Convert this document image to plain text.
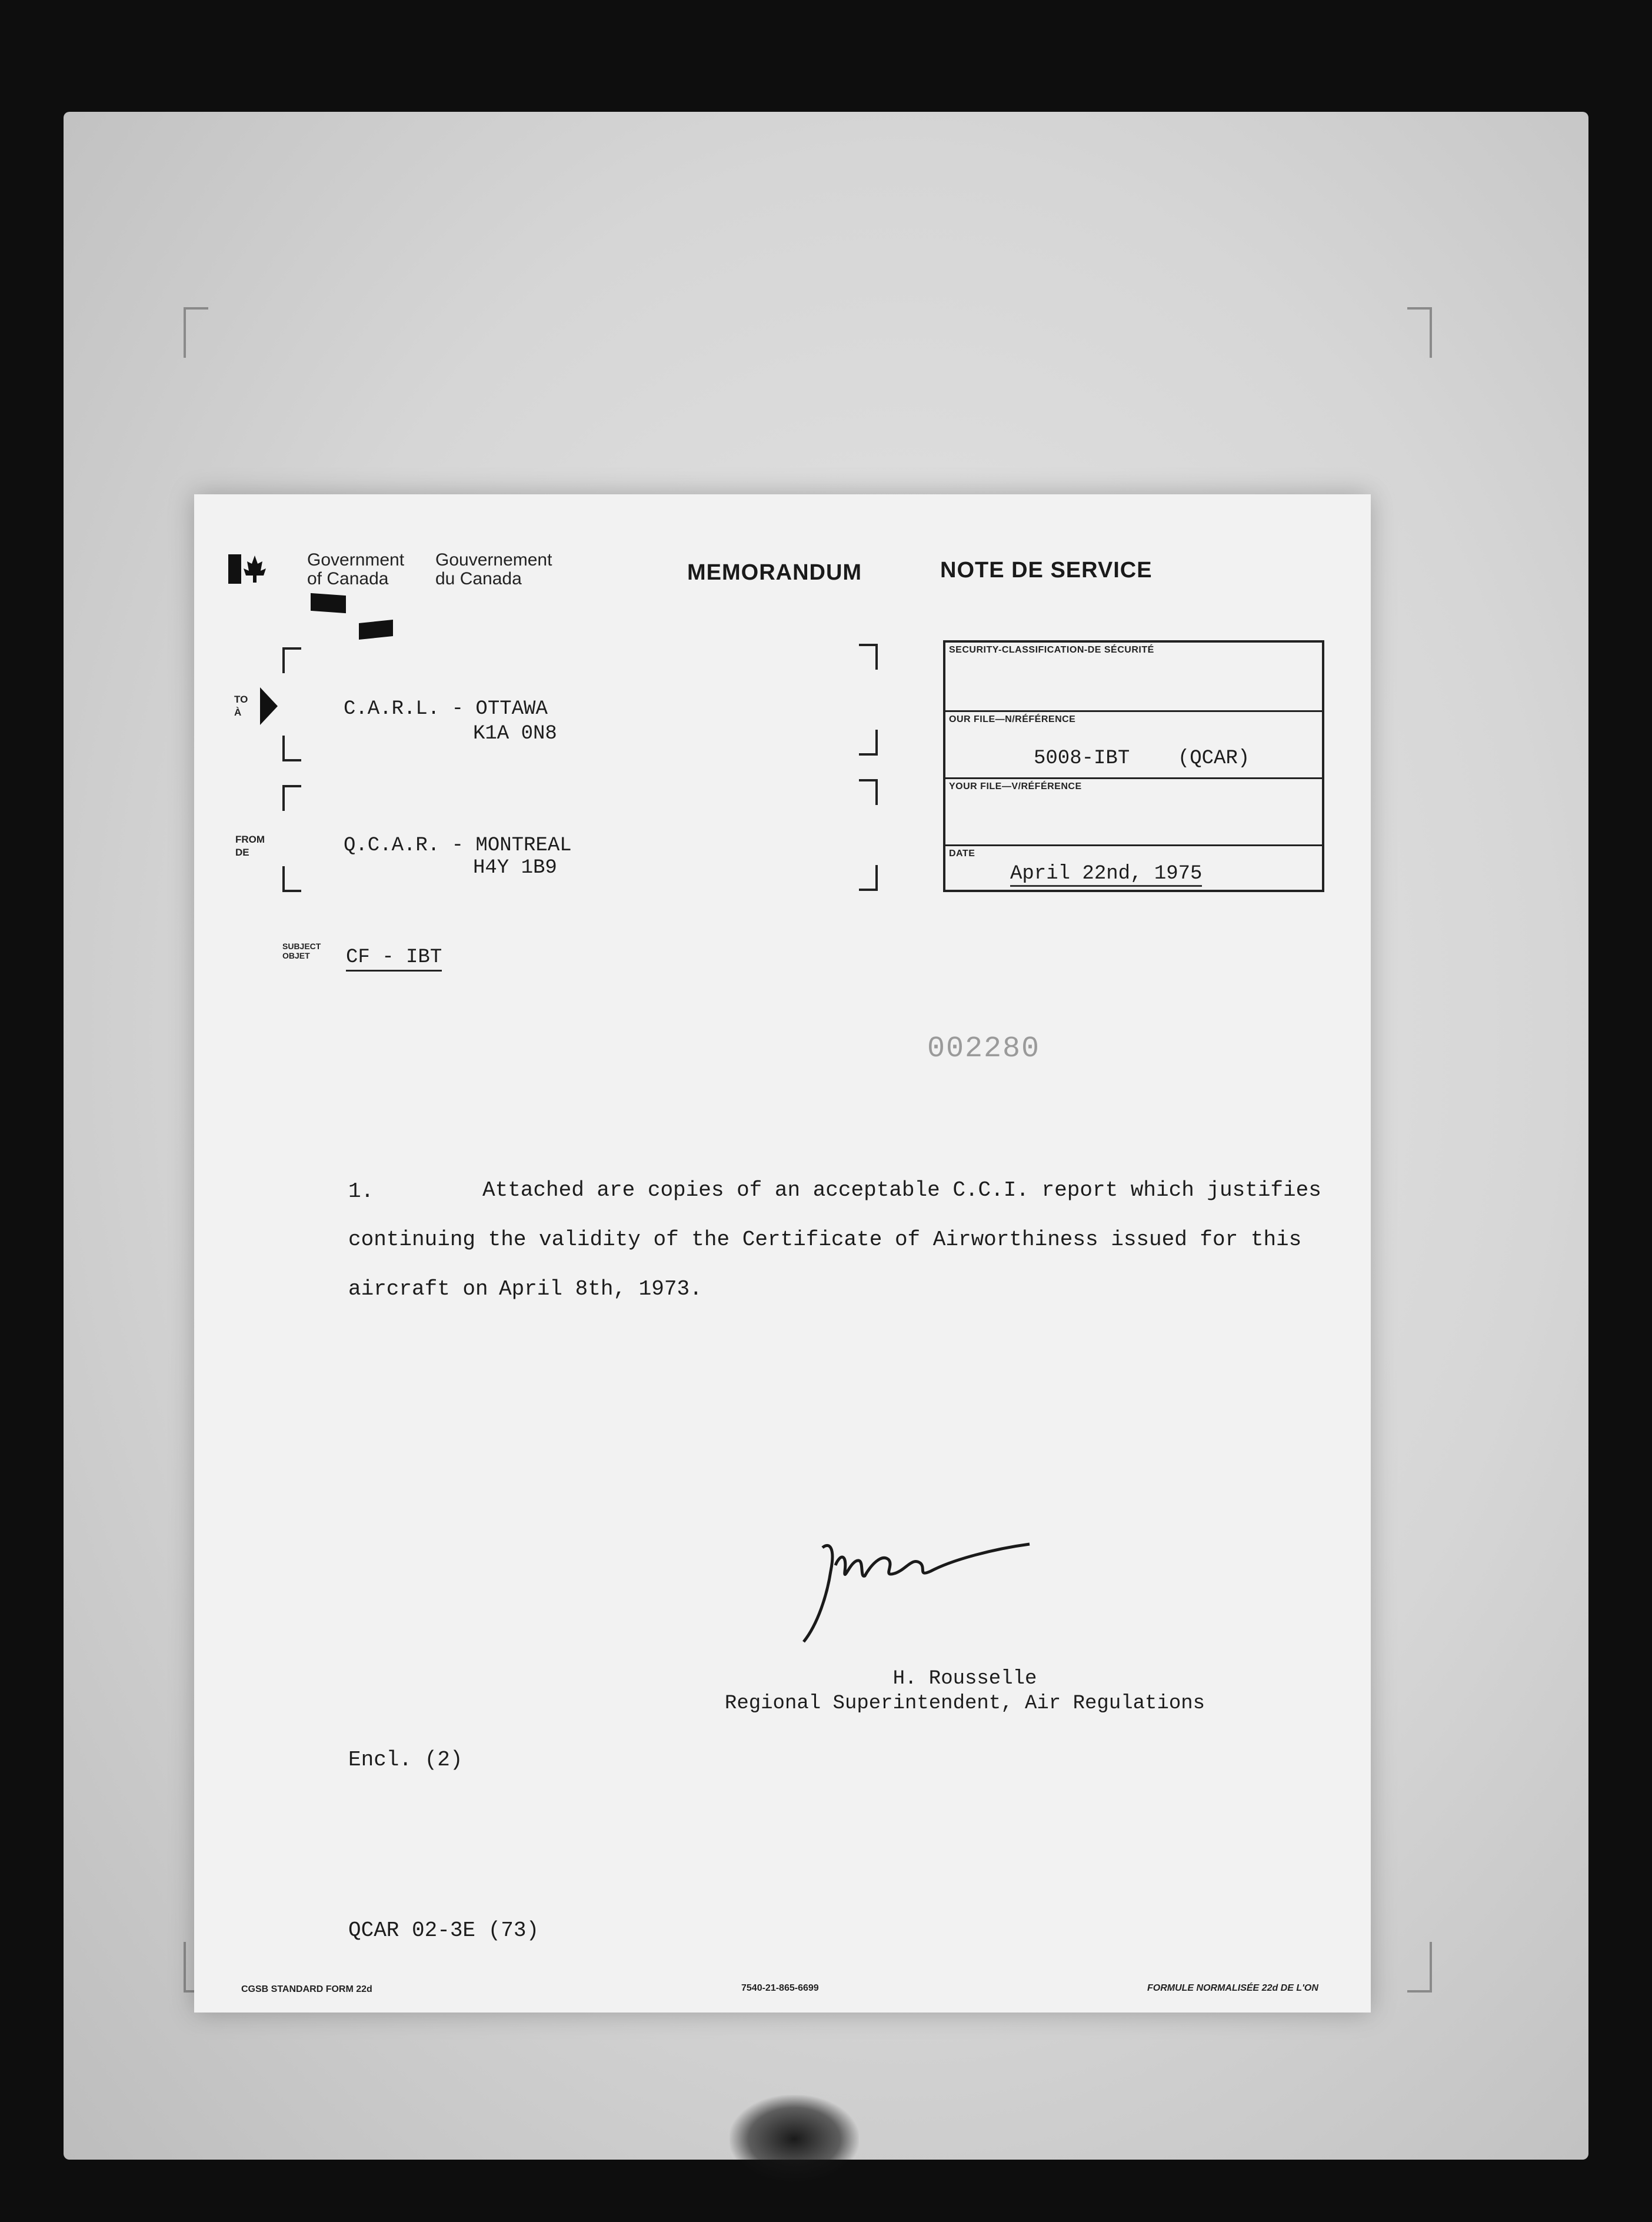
Government of Canada
Gouvernement du Canada	MEMORANDUM	NOTE DE SERVICE
TO À	C.A.R.L. - OTTAWA
K1A 0N8
FROM DE	Q.C.A.R. - MONTREAL
H4Y 1B9
SUBJECT OBJET	CF - IBT
SECURITY-CLASSIFICATION-DE SÉCURITÉ
OUR FILE—N/RÉFÉRENCE
5008-IBT    (QCAR)
YOUR FILE—V/RÉFÉRENCE
DATE
April 22nd, 1975
002280
1.	Attached are copies of an acceptable C.C.I. report which justifies
continuing the validity of the Certificate of Airworthiness issued for this
aircraft on April 8th, 1973.
H. Rousselle
Regional Superintendent, Air Regulations
Encl. (2)
QCAR 02-3E (73)
CGSB STANDARD FORM 22d	7540-21-865-6699	FORMULE NORMALISÉE 22d DE L'ON
